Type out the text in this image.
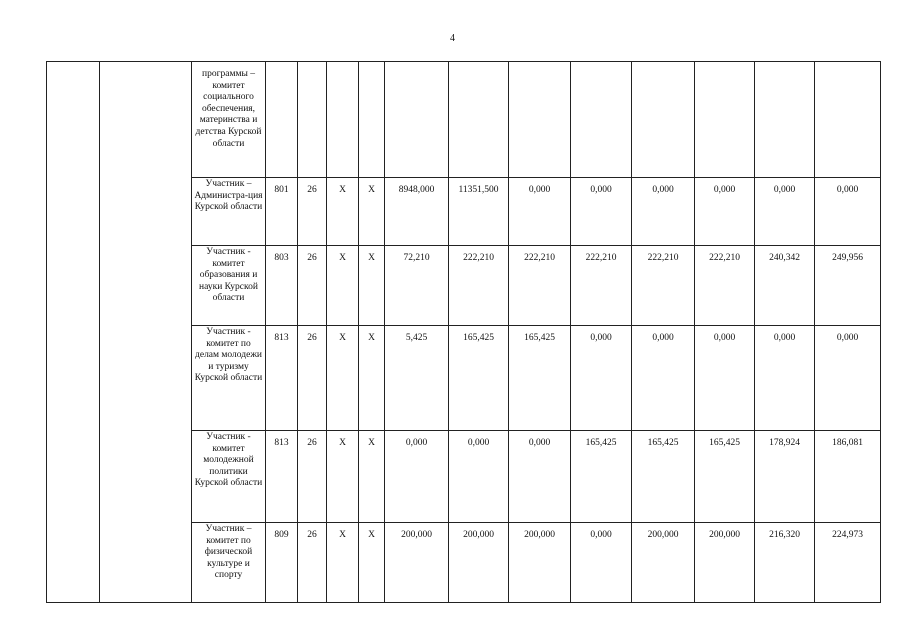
4
		программы – комитет социального обеспечения, материнства и детства Курской области												
		Участник – Администра-ция Курской области	801	26	X	X	8948,000	11351,500	0,000	0,000	0,000	0,000	0,000	0,000
		Участник - комитет образования и науки Курской области	803	26	X	X	72,210	222,210	222,210	222,210	222,210	222,210	240,342	249,956
		Участник - комитет по делам молодежи и туризму Курской области	813	26	X	X	5,425	165,425	165,425	0,000	0,000	0,000	0,000	0,000
		Участник - комитет молодежной политики Курской области	813	26	X	X	0,000	0,000	0,000	165,425	165,425	165,425	178,924	186,081
		Участник – комитет по физической культуре и спорту	809	26	X	X	200,000	200,000	200,000	0,000	200,000	200,000	216,320	224,973
